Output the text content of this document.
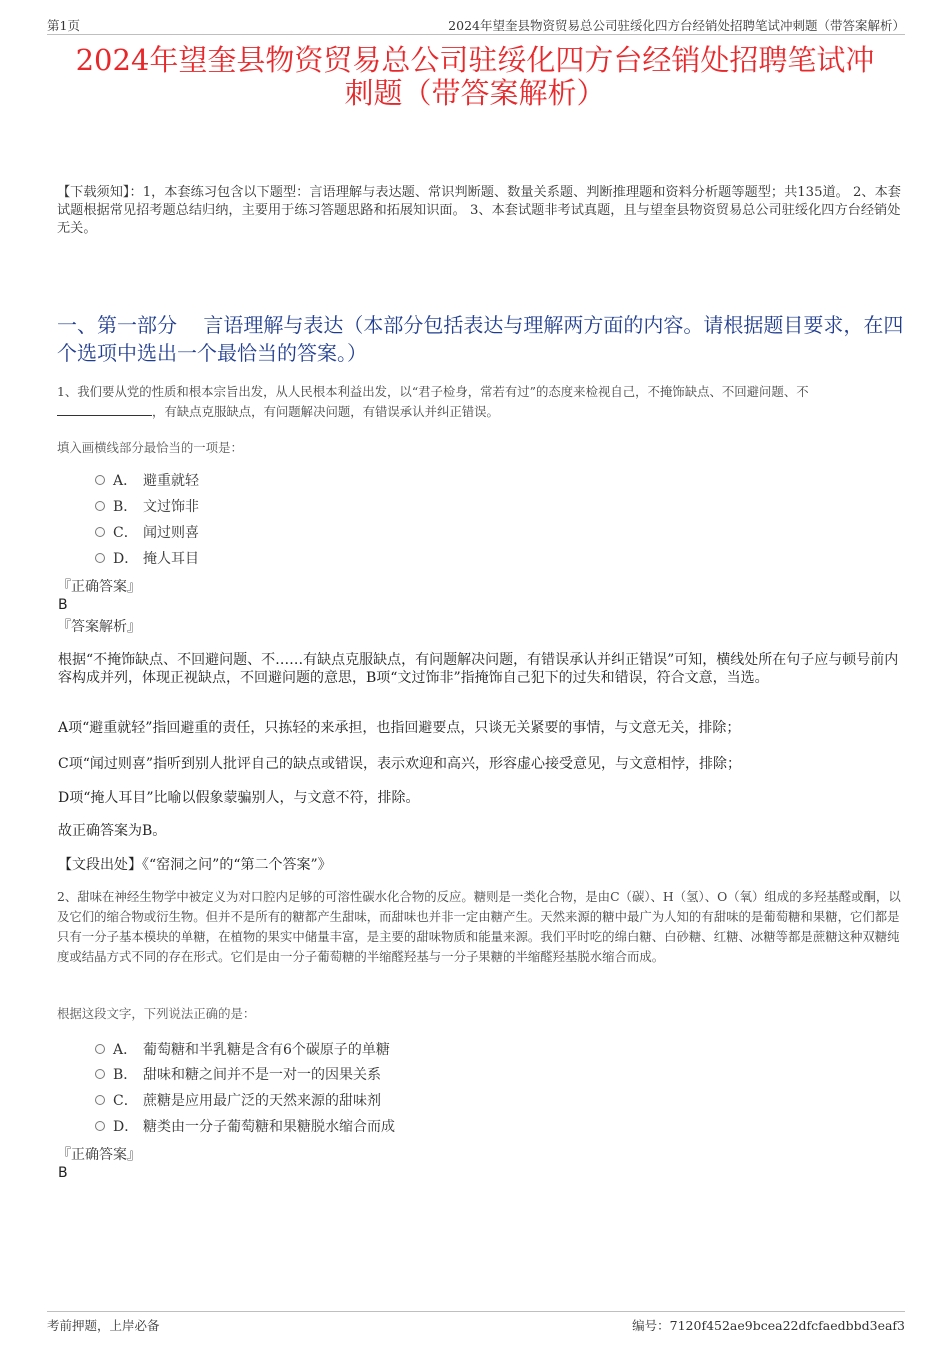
第1页	2024年望奎县物资贸易总公司驻绥化四方台经销处招聘笔试冲刺题（带答案解析）
2024年望奎县物资贸易总公司驻绥化四方台经销处招聘笔试冲
刺题（带答案解析）
【下载须知】：1，本套练习包含以下题型：言语理解与表达题、常识判断题、数量关系题、判断推理题和资料分析题等题型；共135道。 2、本套试题根据常见招考题总结归纳，主要用于练习答题思路和拓展知识面。 3、本套试题非考试真题，且与望奎县物资贸易总公司驻绥化四方台经销处无关。
一、第一部分　 言语理解与表达（本部分包括表达与理解两方面的内容。请根据题目要求，在四个选项中选出一个最恰当的答案。）
1、我们要从党的性质和根本宗旨出发，从人民根本利益出发，以“君子检身，常若有过”的态度来检视自己，不掩饰缺点、不回避问题、不
，有缺点克服缺点，有问题解决问题，有错误承认并纠正错误。
填入画横线部分最恰当的一项是：
A． 避重就轻
B． 文过饰非
C． 闻过则喜
D． 掩人耳目
『正确答案』
B
『答案解析』
根据“不掩饰缺点、不回避问题、不……有缺点克服缺点，有问题解决问题，有错误承认并纠正错误”可知，横线处所在句子应与顿号前内容构成并列，体现正视缺点，不回避问题的意思，B项“文过饰非”指掩饰自己犯下的过失和错误，符合文意，当选。
A项“避重就轻”指回避重的责任，只拣轻的来承担，也指回避要点，只谈无关紧要的事情，与文意无关，排除；
C项“闻过则喜”指听到别人批评自己的缺点或错误，表示欢迎和高兴，形容虚心接受意见，与文意相悖，排除；
D项“掩人耳目”比喻以假象蒙骗别人，与文意不符，排除。
故正确答案为B。
【文段出处】《“窑洞之问”的“第二个答案”》
2、甜味在神经生物学中被定义为对口腔内足够的可溶性碳水化合物的反应。糖则是一类化合物，是由C（碳）、H（氢）、O（氧）组成的多羟基醛或酮，以及它们的缩合物或衍生物。但并不是所有的糖都产生甜味，而甜味也并非一定由糖产生。天然来源的糖中最广为人知的有甜味的是葡萄糖和果糖，它们都是只有一分子基本模块的单糖，在植物的果实中储量丰富，是主要的甜味物质和能量来源。我们平时吃的绵白糖、白砂糖、红糖、冰糖等都是蔗糖这种双糖纯度或结晶方式不同的存在形式。它们是由一分子葡萄糖的半缩醛羟基与一分子果糖的半缩醛羟基脱水缩合而成。
根据这段文字，下列说法正确的是：
A． 葡萄糖和半乳糖是含有6个碳原子的单糖
B． 甜味和糖之间并不是一对一的因果关系
C． 蔗糖是应用最广泛的天然来源的甜味剂
D． 糖类由一分子葡萄糖和果糖脱水缩合而成
『正确答案』
B
考前押题，上岸必备	编号：7120f452ae9bcea22dfcfaedbbd3eaf3
